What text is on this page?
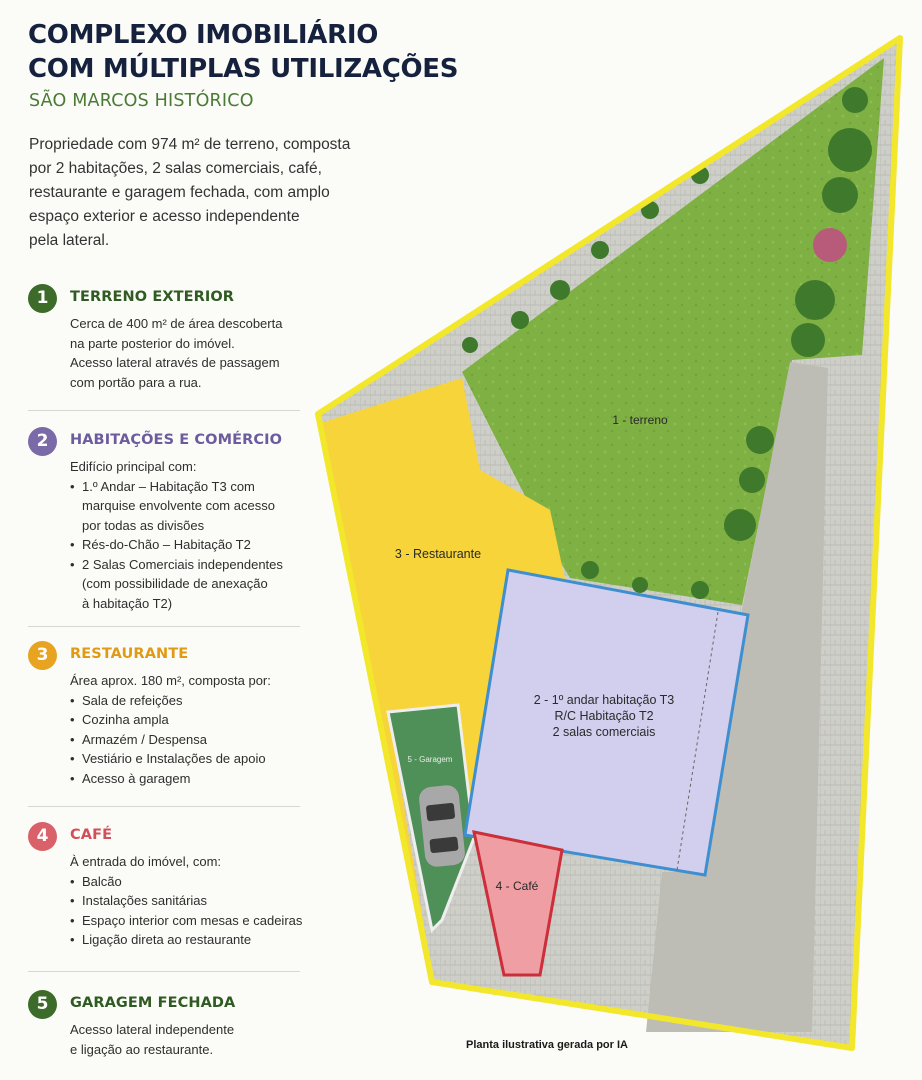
COMPLEXO IMOBILIÁRIO
COM MÚLTIPLAS UTILIZAÇÕES
SÃO MARCOS HISTÓRICO
Propriedade com 974 m² de terreno, composta
por 2 habitações, 2 salas comerciais, café,
restaurante e garagem fechada, com amplo
espaço exterior e acesso independente
pela lateral.
1	TERRENO EXTERIOR
Cerca de 400 m² de área descoberta
na parte posterior do imóvel.
Acesso lateral através de passagem
com portão para a rua.
2	HABITAÇÕES E COMÉRCIO
Edifício principal com:
• 1.º Andar – Habitação T3 com
marquise envolvente com acesso
por todas as divisões
• Rés-do-Chão – Habitação T2
• 2 Salas Comerciais independentes
(com possibilidade de anexação
à habitação T2)
3	RESTAURANTE
Área aprox. 180 m², composta por:
• Sala de refeições
• Cozinha ampla
• Armazém / Despensa
• Vestiário e Instalações de apoio
• Acesso à garagem
4	CAFÉ
À entrada do imóvel, com:
• Balcão
• Instalações sanitárias
• Espaço interior com mesas e cadeiras
• Ligação direta ao restaurante
5	GARAGEM FECHADA
Acesso lateral independente
e ligação ao restaurante.
1 - terreno
3 - Restaurante
2 - 1º andar habitação T3
R/C Habitação T2
2 salas comerciais
5 - Garagem
4 - Café
Planta ilustrativa gerada por IA
